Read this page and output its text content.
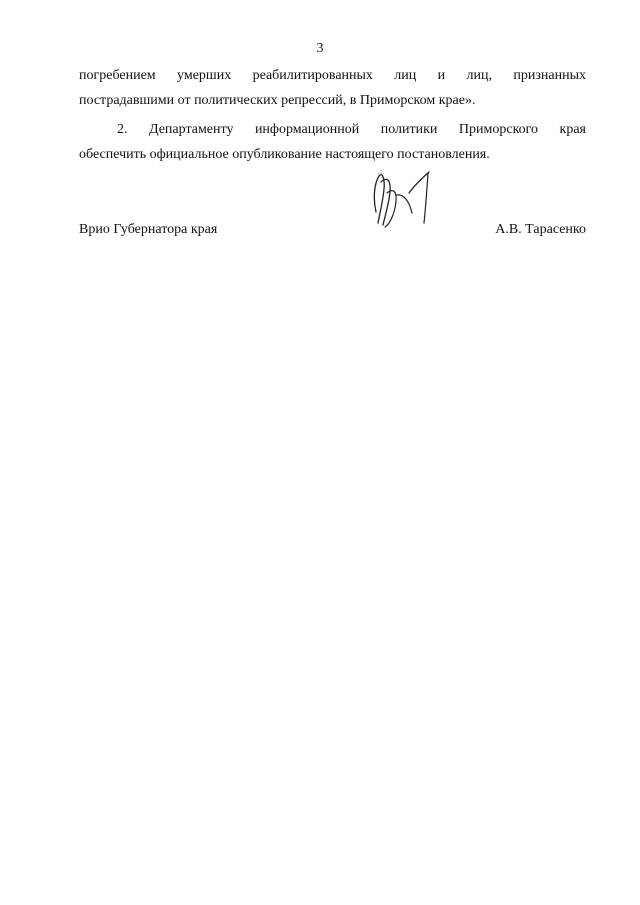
3
погребением умерших реабилитированных лиц и лиц, признанных
пострадавшими от политических репрессий, в Приморском крае».
2. Департаменту информационной политики Приморского края
обеспечить официальное опубликование настоящего постановления.
Врио Губернатора края	А.В. Тарасенко
